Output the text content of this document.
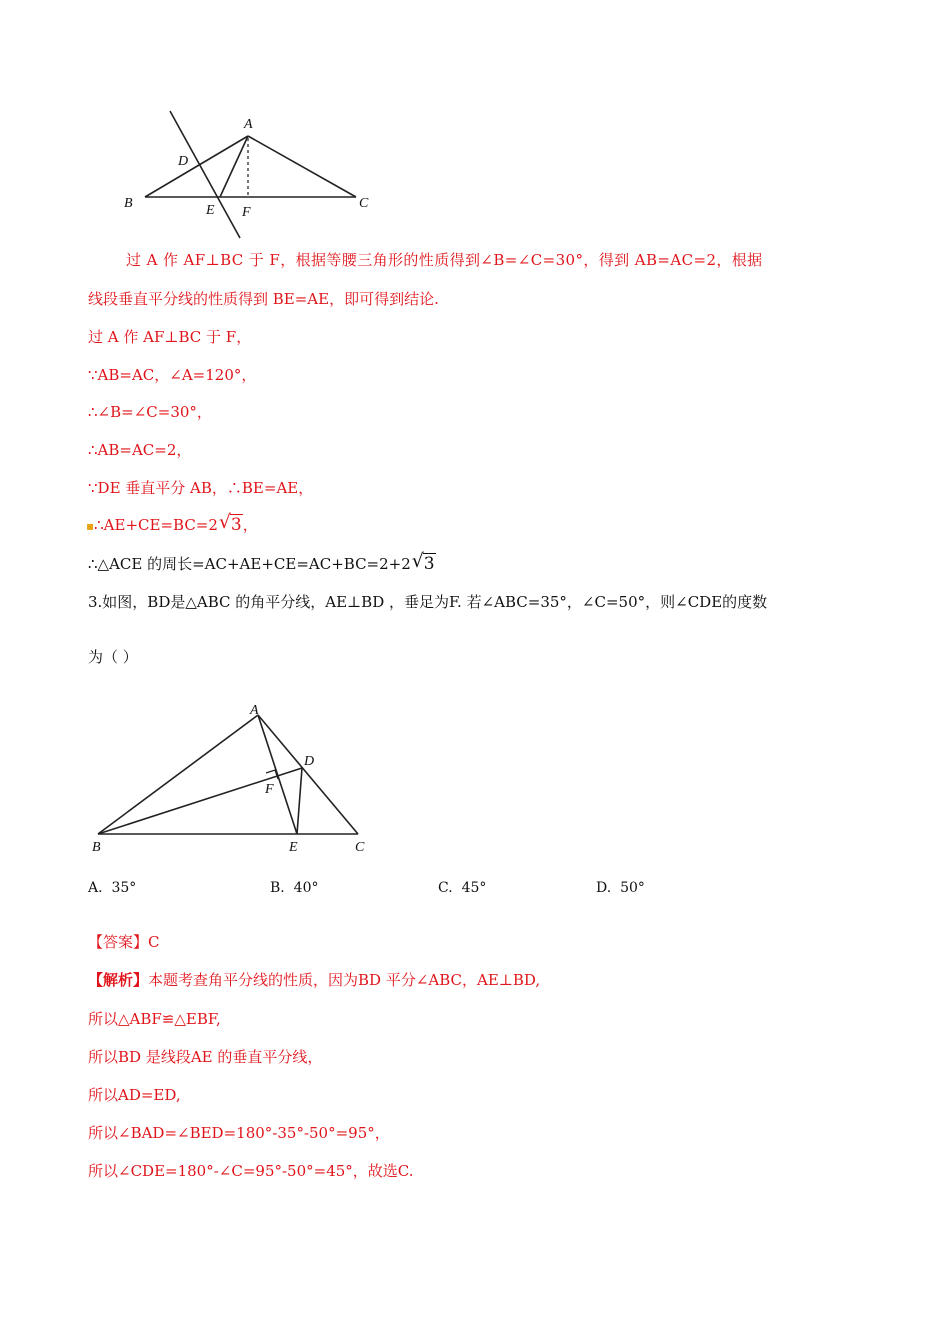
A
B	C
D
E F
过 A 作 AF⊥BC 于 F，根据等腰三角形的性质得到∠B=∠C=30°，得到 AB=AC=2，根据
线段垂直平分线的性质得到 BE=AE，即可得到结论.
过 A 作 AF⊥BC 于 F，
∵AB=AC，∠A=120°，
∴∠B=∠C=30°，
∴AB=AC=2，
∵DE 垂直平分 AB，∴BE=AE，
▪∴AE+CE=BC=2 √ 3，
∴△ACE 的周长=AC+AE+CE=AC+BC=2+2 √ 3
3.如图，BD是△ABC 的角平分线，AE⊥BD ，垂足为F. 若∠ABC=35°，∠C=50°，则∠CDE的度数
为（ ）
A
B	C
D
E
F
A. 35°	B. 40°	C. 45°	D. 50°
【答案】C
【解析】本题考查角平分线的性质，因为BD 平分∠ABC，AE⊥BD,
所以△ABF≌△EBF,
所以BD 是线段AE 的垂直平分线，
所以AD=ED,
所以∠BAD=∠BED=180°-35°-50°=95°，
所以∠CDE=180°-∠C=95°-50°=45°，故选C.
